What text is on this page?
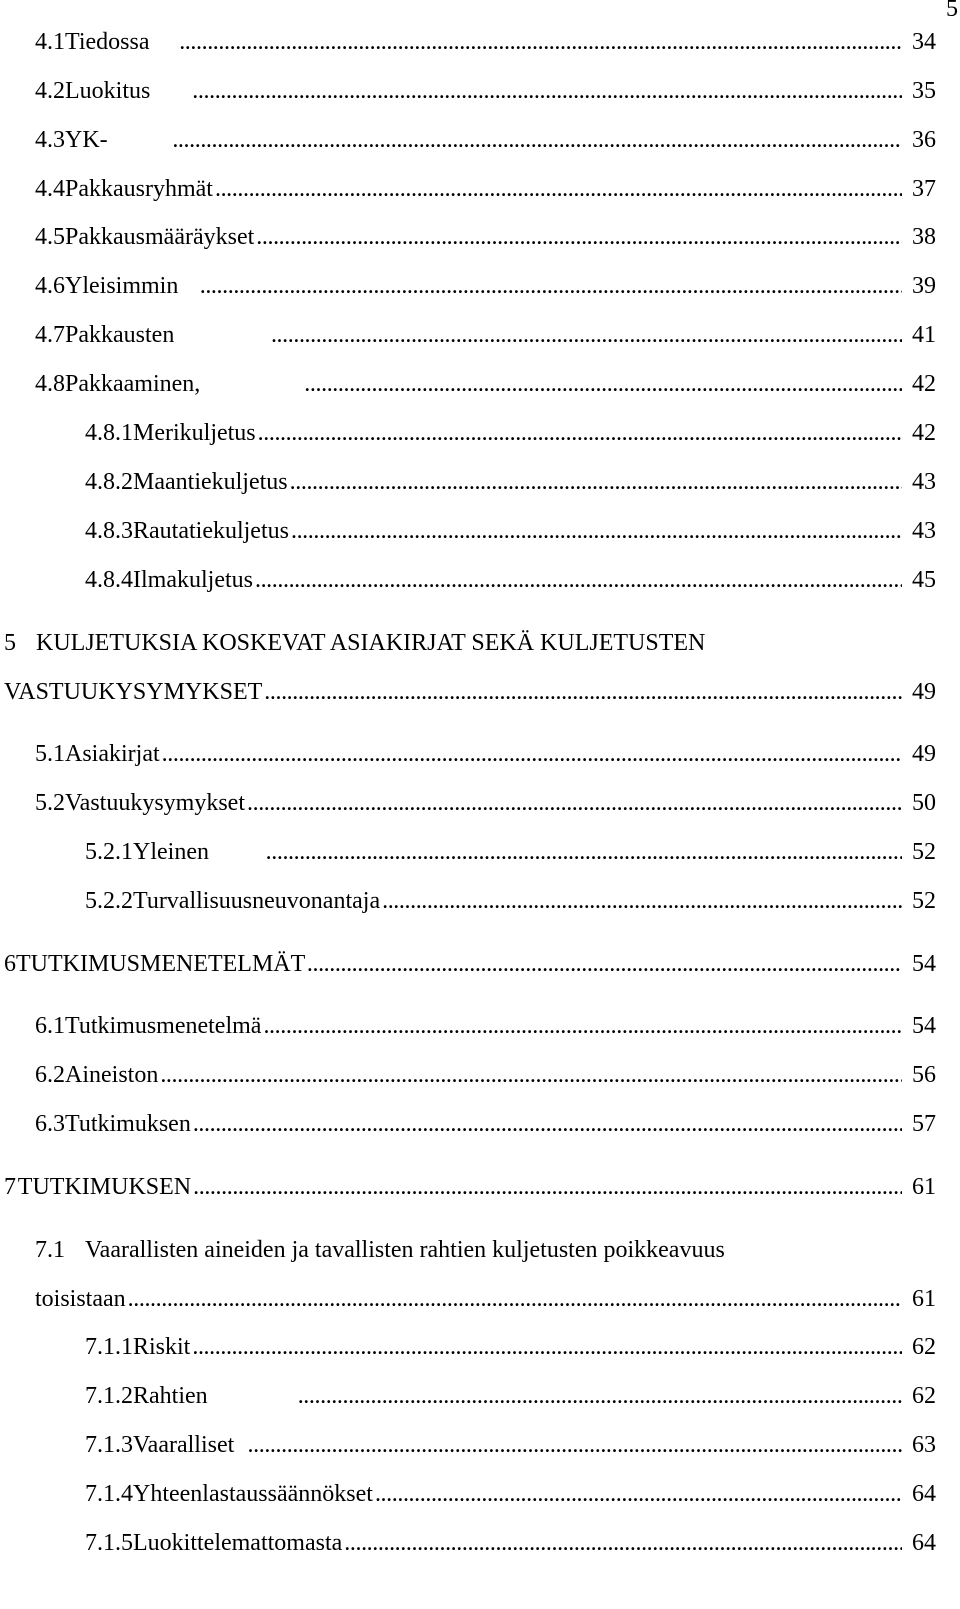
5
4.1 Tiedossa . . .	34
4.2 Luokitus . . .	35
4.3 YK- . . .	36
4.4 Pakkausryhmät . . .	37
4.5 Pakkausmääräykset . . .	38
4.6 Yleisimmin . . .	39
4.7 Pakkausten . . .	41
4.8 Pakkaaminen, . . .	42
4.8.1 Merikuljetus . . .	42
4.8.2 Maantiekuljetus . . .	43
4.8.3 Rautatiekuljetus . . .	43
4.8.4 Ilmakuljetus . . .	45
5 KULJETUKSIA KOSKEVAT ASIAKIRJAT SEKÄ KULJETUSTEN
VASTUUKYSYMYKSET . . .	49
5.1 Asiakirjat . . .	49
5.2 Vastuukysymykset . . .	50
5.2.1 Yleinen . . .	52
5.2.2 Turvallisuusneuvonantaja . . .	52
6 TUTKIMUSMENETELMÄT . . .	54
6.1 Tutkimusmenetelmä . . .	54
6.2 Aineiston . . .	56
6.3 Tutkimuksen . . .	57
7 TUTKIMUKSEN . . .	61
7.1 Vaarallisten aineiden ja tavallisten rahtien kuljetusten poikkeavuus
toisistaan . . .	61
7.1.1 Riskit . . .	62
7.1.2 Rahtien . . .	62
7.1.3 Vaaralliset . . .	63
7.1.4 Yhteenlastaussäännökset . . .	64
7.1.5 Luokittelemattomasta . . .	64
